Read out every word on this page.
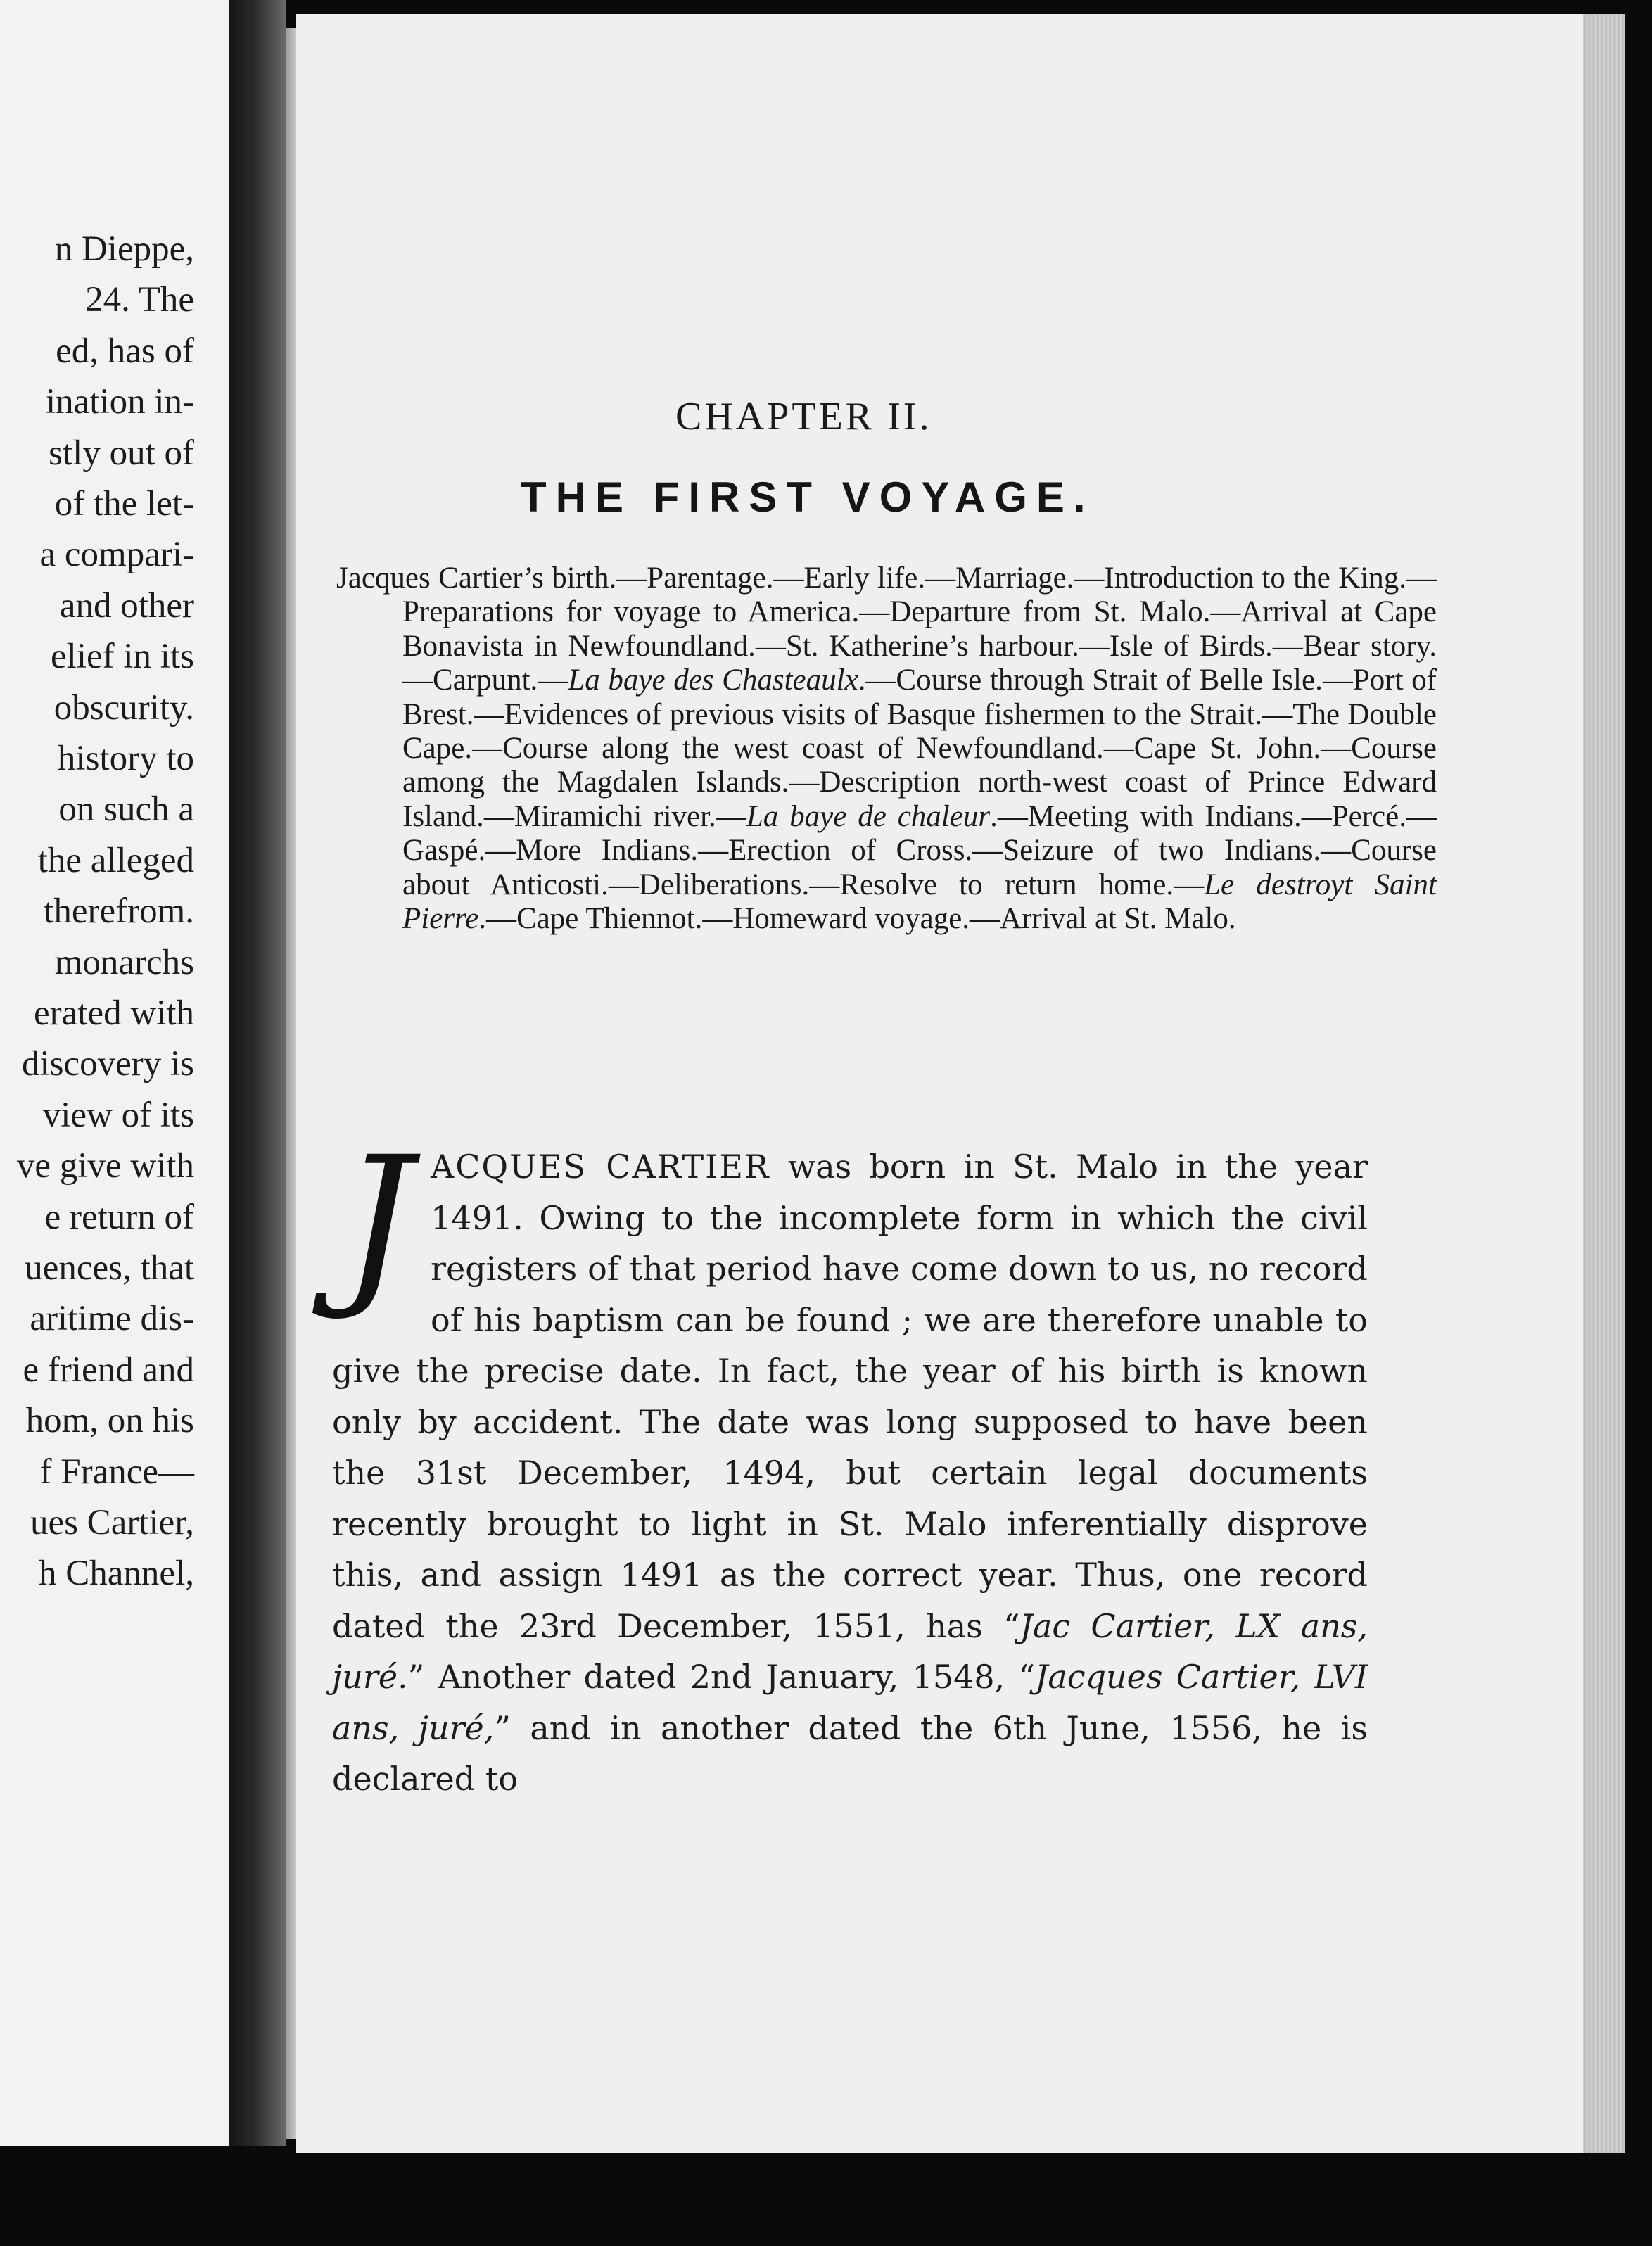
n Dieppe,
24. The
ed, has of
ination in-
stly out of
of the let-
a compari-
and other
elief in its
obscurity.
history to
on such a
the alleged
therefrom.
monarchs
erated with
discovery is
view of its
ve give with
e return of
uences, that
aritime dis-
e friend and
hom, on his
f France—
ues Cartier,
h Channel,
CHAPTER II.
THE FIRST VOYAGE.
Jacques Cartier’s birth.—Parentage.—Early life.—Marriage.—Introduction to the King.—Preparations for voyage to America.—Departure from St. Malo.—Arrival at Cape Bonavista in Newfoundland.—St. Katherine’s harbour.—Isle of Birds.—Bear story.—Carpunt.—La baye des Chasteaulx.—Course through Strait of Belle Isle.—Port of Brest.—Evidences of previous visits of Basque fishermen to the Strait.—The Double Cape.—Course along the west coast of Newfoundland.—Cape St. John.—Course among the Magdalen Islands.—Description north-west coast of Prince Edward Island.—Miramichi river.—La baye de chaleur.—Meeting with Indians.—Percé.—Gaspé.—More Indians.—Erection of Cross.—Seizure of two Indians.—Course about Anticosti.—Deliberations.—Resolve to return home.—Le destroyt Saint Pierre.—Cape Thiennot.—Homeward voyage.—Arrival at St. Malo.
JACQUES CARTIER was born in St. Malo in the year 1491. Owing to the incomplete form in which the civil registers of that period have come down to us, no record of his baptism can be found ; we are therefore unable to give the precise date. In fact, the year of his birth is known only by accident. The date was long supposed to have been the 31st December, 1494, but certain legal documents recently brought to light in St. Malo inferentially disprove this, and assign 1491 as the correct year. Thus, one record dated the 23rd December, 1551, has “Jac Cartier, LX ans, juré.” Another dated 2nd January, 1548, “Jacques Cartier, LVI ans, juré,” and in another dated the 6th June, 1556, he is declared to
